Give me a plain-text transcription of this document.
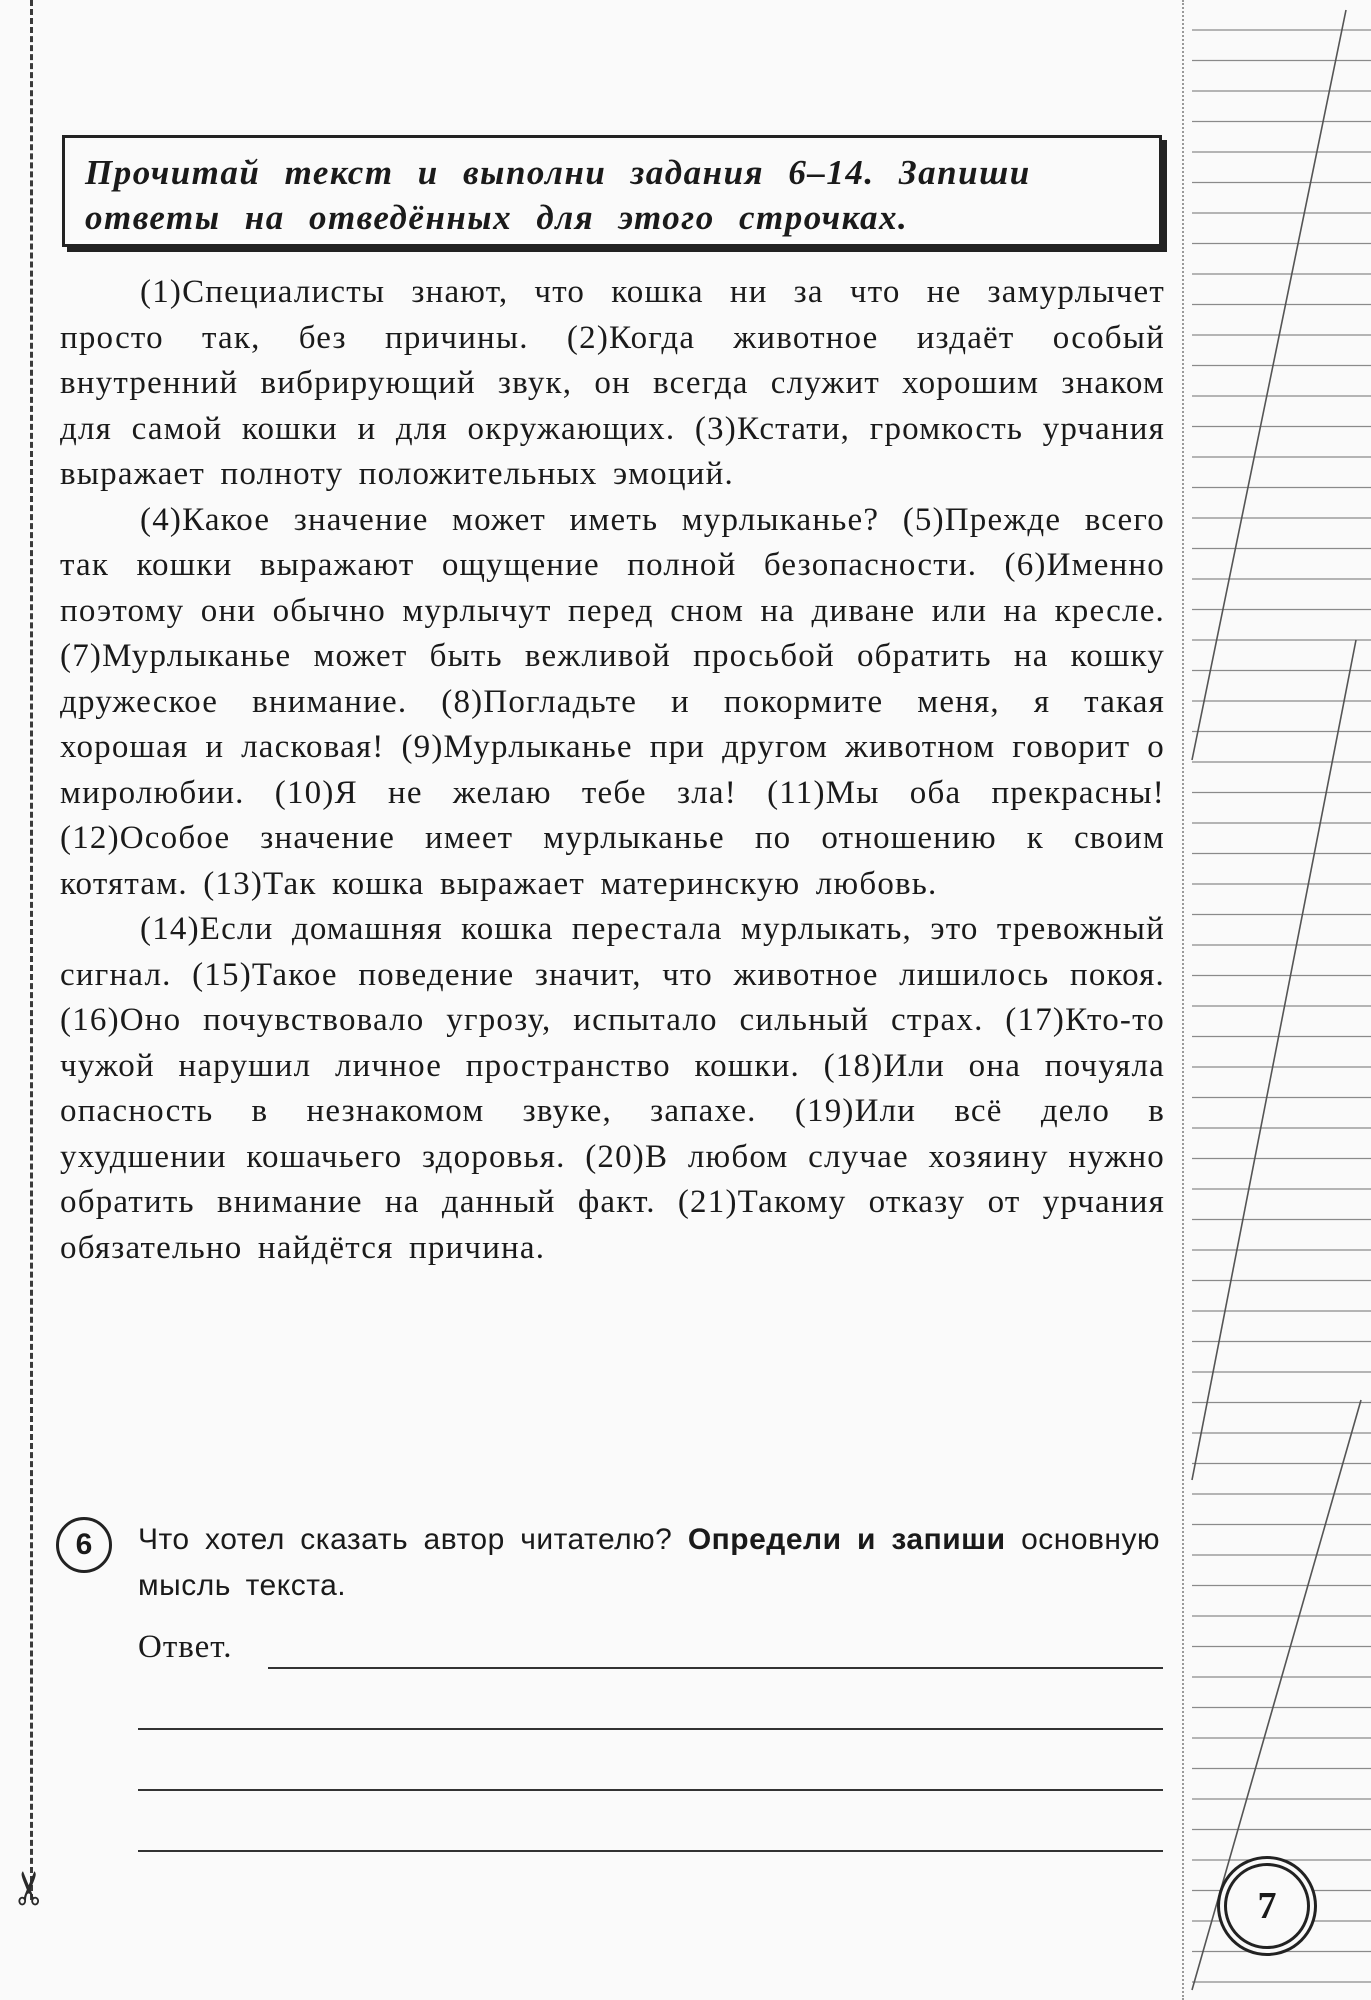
✂
Прочитай текст и выполни задания 6–14. Запиши
ответы на отведённых для этого строчках.

(1)Специалисты знают, что кошка ни за что не замурлычет просто так, без причины. (2)Когда животное издаёт особый внутренний вибрирующий звук, он всегда служит хорошим знаком для самой кошки и для окружающих. (3)Кстати, громкость урчания выражает полноту положительных эмоций.

(4)Какое значение может иметь мурлыканье? (5)Прежде всего так кошки выражают ощущение полной безопасности. (6)Именно поэтому они обычно мурлычут перед сном на диване или на кресле. (7)Мурлыканье может быть вежливой просьбой обратить на кошку дружеское внимание. (8)Погладьте и покормите меня, я такая хорошая и ласковая! (9)Мурлыканье при другом животном говорит о миролюбии. (10)Я не желаю тебе зла! (11)Мы оба прекрасны! (12)Особое значение имеет мурлыканье по отношению к своим котятам. (13)Так кошка выражает материнскую любовь.

(14)Если домашняя кошка перестала мурлыкать, это тревожный сигнал. (15)Такое поведение значит, что животное лишилось покоя. (16)Оно почувствовало угрозу, испытало сильный страх. (17)Кто-то чужой нарушил личное пространство кошки. (18)Или она почуяла опасность в незнакомом звуке, запахе. (19)Или всё дело в ухудшении кошачьего здоровья. (20)В любом случае хозяину нужно обратить внимание на данный факт. (21)Такому отказу от урчания обязательно найдётся причина.

6	Что хотел сказать автор читателю? Определи и запиши основную мысль текста.
Ответ.
7
